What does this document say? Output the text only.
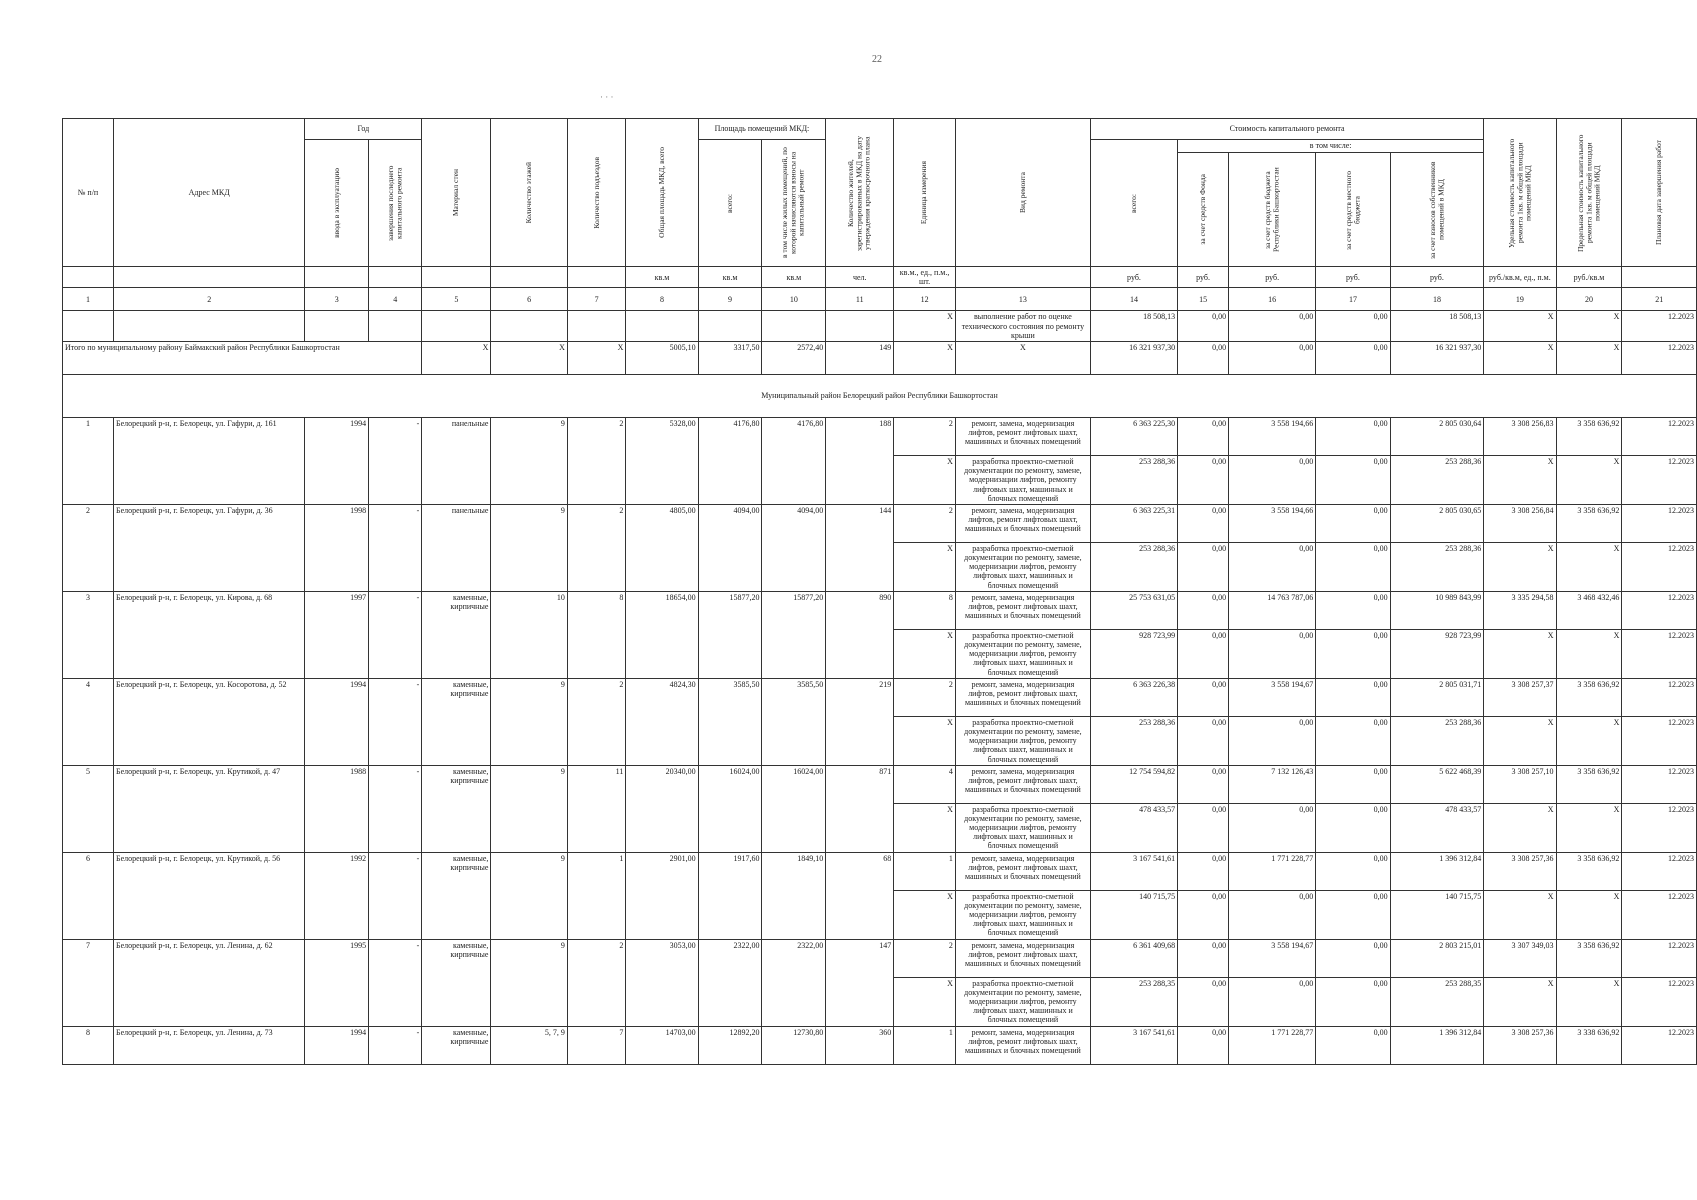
22
· · ·
№ п/п	Адрес МКД	Год		Материал стен	Количество этажей	Количество подъездов	Общая площадь МКД, всего	Площадь помещений МКД:		Количество жителей, зарегистрированных в МКД на дату утверждения краткосрочного плана	Единица измерения	Вид ремонта	Стоимость капитального ремонта					Удельная стоимость капитального ремонта 1кв. м общей площади помещений МКД	Предельная стоимость капитального ремонта 1кв. м общей площади помещений МКД	Плановая дата завершения работ

		ввода в эксплуатацию	завершения последнего капитального ремонта					всего:	в том числе жилых помещений, по которой начисляются взносы на капитальный ремонт				всего:	в том числе:						

														за счет средств Фонда	за счет средств бюджета Республики Башкортостан	за счет средств местного бюджета	за счет взносов собственников помещений в МКД			

							кв.м	кв.м	кв.м	чел.	кв.м., ед., п.м., шт.		руб.	руб.	руб.	руб.	руб.	руб./кв.м, ед., п.м.	руб./кв.м	
1	2	3	4	5	6	7	8	9	10	11	12	13	14	15	16	17	18	19	20	21
											X	выполнение работ по оценке технического состояния по ремонту крыши	18 508,13	0,00	0,00	0,00	18 508,13	X	X	12.2023
Итого по муниципальному району Баймакский район Республики Башкортостан				X	X	X	5005,10	3317,50	2572,40	149	X	X	16 321 937,30	0,00	0,00	0,00	16 321 937,30	X	X	12.2023
Муниципальный район Белорецкий район Республики Башкортостан																				
1	Белорецкий р-н, г. Белорецк, ул. Гафури, д. 161	1994	-	панельные	9	2	5328,00	4176,80	4176,80	188	2	ремонт, замена, модернизация лифтов, ремонт лифтовых шахт, машинных и блочных помещений	6 363 225,30	0,00	3 558 194,66	0,00	2 805 030,64	3 308 256,83	3 358 636,92	12.2023
											X	разработка проектно-сметной документации по ремонту, замене, модернизации лифтов, ремонту лифтовых шахт, машинных и блочных помещений	253 288,36	0,00	0,00	0,00	253 288,36	X	X	12.2023
2	Белорецкий р-н, г. Белорецк, ул. Гафури, д. 36	1998	-	панельные	9	2	4805,00	4094,00	4094,00	144	2	ремонт, замена, модернизация лифтов, ремонт лифтовых шахт, машинных и блочных помещений	6 363 225,31	0,00	3 558 194,66	0,00	2 805 030,65	3 308 256,84	3 358 636,92	12.2023
											X	разработка проектно-сметной документации по ремонту, замене, модернизации лифтов, ремонту лифтовых шахт, машинных и блочных помещений	253 288,36	0,00	0,00	0,00	253 288,36	X	X	12.2023
3	Белорецкий р-н, г. Белорецк, ул. Кирова, д. 68	1997	-	каменные, кирпичные	10	8	18654,00	15877,20	15877,20	890	8	ремонт, замена, модернизация лифтов, ремонт лифтовых шахт, машинных и блочных помещений	25 753 631,05	0,00	14 763 787,06	0,00	10 989 843,99	3 335 294,58	3 468 432,46	12.2023
											X	разработка проектно-сметной документации по ремонту, замене, модернизации лифтов, ремонту лифтовых шахт, машинных и блочных помещений	928 723,99	0,00	0,00	0,00	928 723,99	X	X	12.2023
4	Белорецкий р-н, г. Белорецк, ул. Косоротова, д. 52	1994	-	каменные, кирпичные	9	2	4824,30	3585,50	3585,50	219	2	ремонт, замена, модернизация лифтов, ремонт лифтовых шахт, машинных и блочных помещений	6 363 226,38	0,00	3 558 194,67	0,00	2 805 031,71	3 308 257,37	3 358 636,92	12.2023
											X	разработка проектно-сметной документации по ремонту, замене, модернизации лифтов, ремонту лифтовых шахт, машинных и блочных помещений	253 288,36	0,00	0,00	0,00	253 288,36	X	X	12.2023
5	Белорецкий р-н, г. Белорецк, ул. Крутикой, д. 47	1988	-	каменные, кирпичные	9	11	20340,00	16024,00	16024,00	871	4	ремонт, замена, модернизация лифтов, ремонт лифтовых шахт, машинных и блочных помещений	12 754 594,82	0,00	7 132 126,43	0,00	5 622 468,39	3 308 257,10	3 358 636,92	12.2023
											X	разработка проектно-сметной документации по ремонту, замене, модернизации лифтов, ремонту лифтовых шахт, машинных и блочных помещений	478 433,57	0,00	0,00	0,00	478 433,57	X	X	12.2023
6	Белорецкий р-н, г. Белорецк, ул. Крутикой, д. 56	1992	-	каменные, кирпичные	9	1	2901,00	1917,60	1849,10	68	1	ремонт, замена, модернизация лифтов, ремонт лифтовых шахт, машинных и блочных помещений	3 167 541,61	0,00	1 771 228,77	0,00	1 396 312,84	3 308 257,36	3 358 636,92	12.2023
											X	разработка проектно-сметной документации по ремонту, замене, модернизации лифтов, ремонту лифтовых шахт, машинных и блочных помещений	140 715,75	0,00	0,00	0,00	140 715,75	X	X	12.2023
7	Белорецкий р-н, г. Белорецк, ул. Ленина, д. 62	1995	-	каменные, кирпичные	9	2	3053,00	2322,00	2322,00	147	2	ремонт, замена, модернизация лифтов, ремонт лифтовых шахт, машинных и блочных помещений	6 361 409,68	0,00	3 558 194,67	0,00	2 803 215,01	3 307 349,03	3 358 636,92	12.2023
											X	разработка проектно-сметной документации по ремонту, замене, модернизации лифтов, ремонту лифтовых шахт, машинных и блочных помещений	253 288,35	0,00	0,00	0,00	253 288,35	X	X	12.2023
8	Белорецкий р-н, г. Белорецк, ул. Ленина, д. 73	1994	-	каменные, кирпичные	5, 7, 9	7	14703,00	12892,20	12730,80	360	1	ремонт, замена, модернизация лифтов, ремонт лифтовых шахт, машинных и блочных помещений	3 167 541,61	0,00	1 771 228,77	0,00	1 396 312,84	3 308 257,36	3 338 636,92	12.2023
